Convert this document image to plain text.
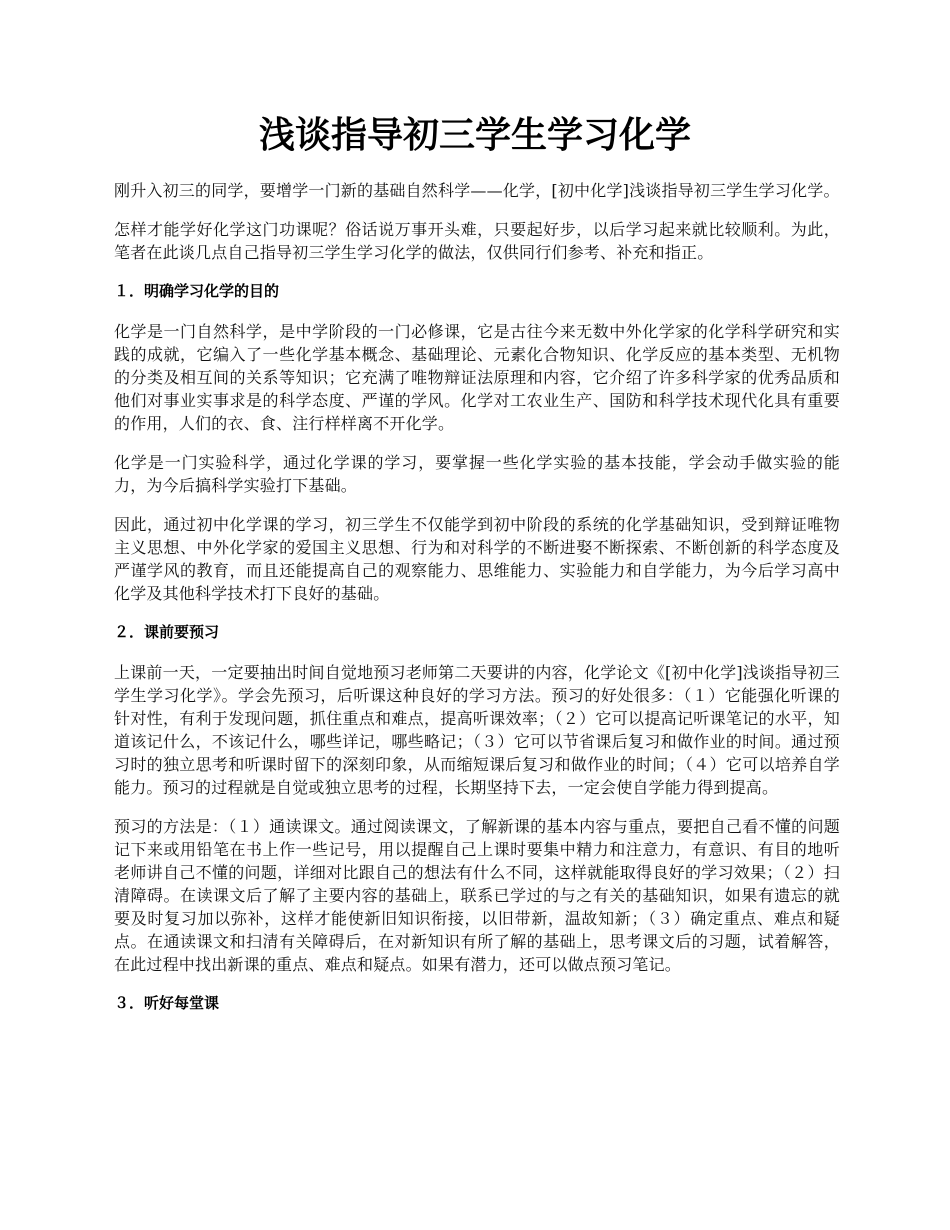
浅谈指导初三学生学习化学

刚升入初三的同学，要增学一门新的基础自然科学——化学，[初中化学]浅谈指导初三学生学习化学。

怎样才能学好化学这门功课呢？俗话说万事开头难，只要起好步，以后学习起来就比较顺利。为此，笔者在此谈几点自己指导初三学生学习化学的做法，仅供同行们参考、补充和指正。

１．明确学习化学的目的

化学是一门自然科学，是中学阶段的一门必修课，它是古往今来无数中外化学家的化学科学研究和实践的成就，它编入了一些化学基本概念、基础理论、元素化合物知识、化学反应的基本类型、无机物的分类及相互间的关系等知识；它充满了唯物辩证法原理和内容，它介绍了许多科学家的优秀品质和他们对事业实事求是的科学态度、严谨的学风。化学对工农业生产、国防和科学技术现代化具有重要的作用，人们的衣、食、注行样样离不开化学。

化学是一门实验科学，通过化学课的学习，要掌握一些化学实验的基本技能，学会动手做实验的能力，为今后搞科学实验打下基础。

因此，通过初中化学课的学习，初三学生不仅能学到初中阶段的系统的化学基础知识，受到辩证唯物主义思想、中外化学家的爱国主义思想、行为和对科学的不断进娶不断探索、不断创新的科学态度及严谨学风的教育，而且还能提高自己的观察能力、思维能力、实验能力和自学能力，为今后学习高中化学及其他科学技术打下良好的基础。

２．课前要预习

上课前一天，一定要抽出时间自觉地预习老师第二天要讲的内容，化学论文《[初中化学]浅谈指导初三学生学习化学》。学会先预习，后听课这种良好的学习方法。预习的好处很多：（１）它能强化听课的针对性，有利于发现问题，抓住重点和难点，提高听课效率；（２）它可以提高记听课笔记的水平，知道该记什么，不该记什么，哪些详记，哪些略记；（３）它可以节省课后复习和做作业的时间。通过预习时的独立思考和听课时留下的深刻印象，从而缩短课后复习和做作业的时间；（４）它可以培养自学能力。预习的过程就是自觉或独立思考的过程，长期坚持下去，一定会使自学能力得到提高。

预习的方法是：（１）通读课文。通过阅读课文，了解新课的基本内容与重点，要把自己看不懂的问题记下来或用铅笔在书上作一些记号，用以提醒自己上课时要集中精力和注意力，有意识、有目的地听老师讲自己不懂的问题，详细对比跟自己的想法有什么不同，这样就能取得良好的学习效果；（２）扫清障碍。在读课文后了解了主要内容的基础上，联系已学过的与之有关的基础知识，如果有遗忘的就要及时复习加以弥补，这样才能使新旧知识衔接，以旧带新，温故知新；（３）确定重点、难点和疑点。在通读课文和扫清有关障碍后，在对新知识有所了解的基础上，思考课文后的习题，试着解答，在此过程中找出新课的重点、难点和疑点。如果有潜力，还可以做点预习笔记。

３．听好每堂课
